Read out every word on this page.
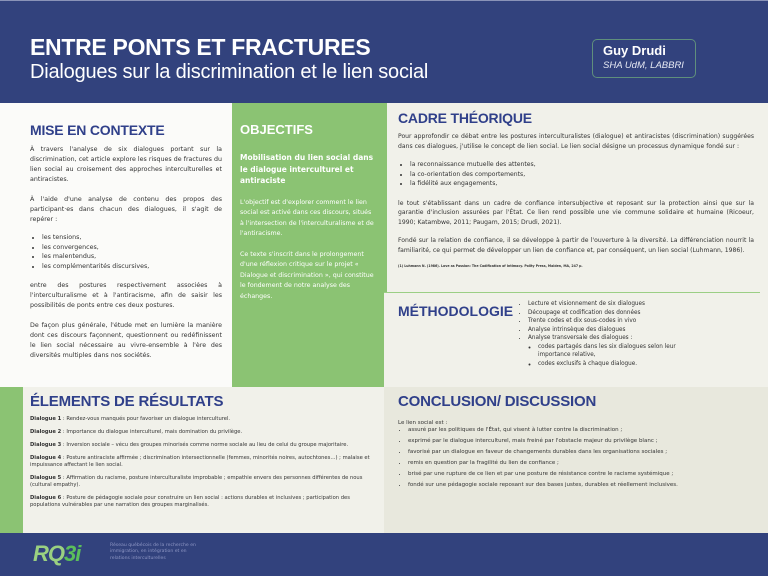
ENTRE PONTS ET FRACTURES
Dialogues sur la discrimination et le lien social
Guy Drudi
SHA UdM, LABBRI
MISE EN CONTEXTE

À travers l'analyse de six dialogues portant sur la discrimination, cet article explore les risques de fractures du lien social au croisement des approches interculturelles et antiracistes.

À l'aide d'une analyse de contenu des propos des participant·es dans chacun des dialogues, il s'agit de repérer :

• les tensions,
• les convergences,
• les malentendus,
• les complémentarités discursives,

entre des postures respectivement associées à l'interculturalisme et à l'antiracisme, afin de saisir les possibilités de ponts entre ces deux postures.

De façon plus générale, l'étude met en lumière la manière dont ces discours façonnent, questionnent ou redéfinissent le lien social nécessaire au vivre-ensemble à l'ère des diversités multiples dans nos sociétés.

OBJECTIFS
Mobilisation du lien social dans le dialogue interculturel et antiraciste

L'objectif est d'explorer comment le lien social est activé dans ces discours, situés à l'intersection de l'interculturalisme et de l'antiracisme.

Ce texte s'inscrit dans le prolongement d'une réflexion critique sur le projet « Dialogue et discrimination », qui constitue le fondement de notre analyse des échanges.

CADRE THÉORIQUE

Pour approfondir ce débat entre les postures interculturalistes (dialogue) et antiracistes (discrimination) suggérées dans ces dialogues, j'utilise le concept de lien social. Le lien social désigne un processus dynamique fondé sur :

• la reconnaissance mutuelle des attentes,
• la co-orientation des comportements,
• la fidélité aux engagements,

le tout s'établissant dans un cadre de confiance intersubjective et reposant sur la protection ainsi que sur la garantie d'inclusion assurées par l'État. Ce lien rend possible une vie commune solidaire et humaine (Ricoeur, 1990; Katambwe, 2011; Paugam, 2015; Drudi, 2021).

Fondé sur la relation de confiance, il se développe à partir de l'ouverture à la diversité. La différenciation nourrit la familiarité, ce qui permet de développer un lien de confiance et, par conséquent, un lien social (Luhmann, 1986).

(1) Luhmann N. (1986). Love as Passion: The Codification of Intimacy. Polity Press, Malden, MA, 247 p.

MÉTHODOLOGIE	• Lecture et visionnement de six dialogues
• Découpage et codification des données
• Trente codes et dix sous-codes in vivo
• Analyse intrinsèque des dialogues
• Analyse transversale des dialogues :
◦ codes partagés dans les six dialogues selon leur importance relative,
◦ codes exclusifs à chaque dialogue.
ÉLEMENTS DE RÉSULTATS

Dialogue 1 : Rendez-vous manqués pour favoriser un dialogue interculturel.

Dialogue 2 : Importance du dialogue interculturel, mais domination du privilège.

Dialogue 3 : Inversion sociale – vécu des groupes minorisés comme norme sociale au lieu de celui du groupe majoritaire.

Dialogue 4 : Posture antiraciste affirmée ; discrimination intersectionnelle (femmes, minorités noires, autochtones…) ; malaise et impuissance affectant le lien social.

Dialogue 5 : Affirmation du racisme, posture interculturaliste improbable ; empathie envers des personnes différentes de nous (cultural empathy).

Dialogue 6 : Posture de pédagogie sociale pour construire un lien social : actions durables et inclusives ; participation des populations vulnérables par une narration des groupes marginalisés.

CONCLUSION/ DISCUSSION
Le lien social est :
• assuré par les politiques de l'État, qui visent à lutter contre la discrimination ;
• exprimé par le dialogue interculturel, mais freiné par l'obstacle majeur du privilège blanc ;
• favorisé par un dialogue en faveur de changements durables dans les organisations sociales ;
• remis en question par la fragilité du lien de confiance ;
• brisé par une rupture de ce lien et par une posture de résistance contre le racisme systémique ;
• fondé sur une pédagogie sociale reposant sur des bases justes, durables et réellement inclusives.
RQ3i	Réseau québécois de la recherche en immigration, en intégration et en relations interculturelles
